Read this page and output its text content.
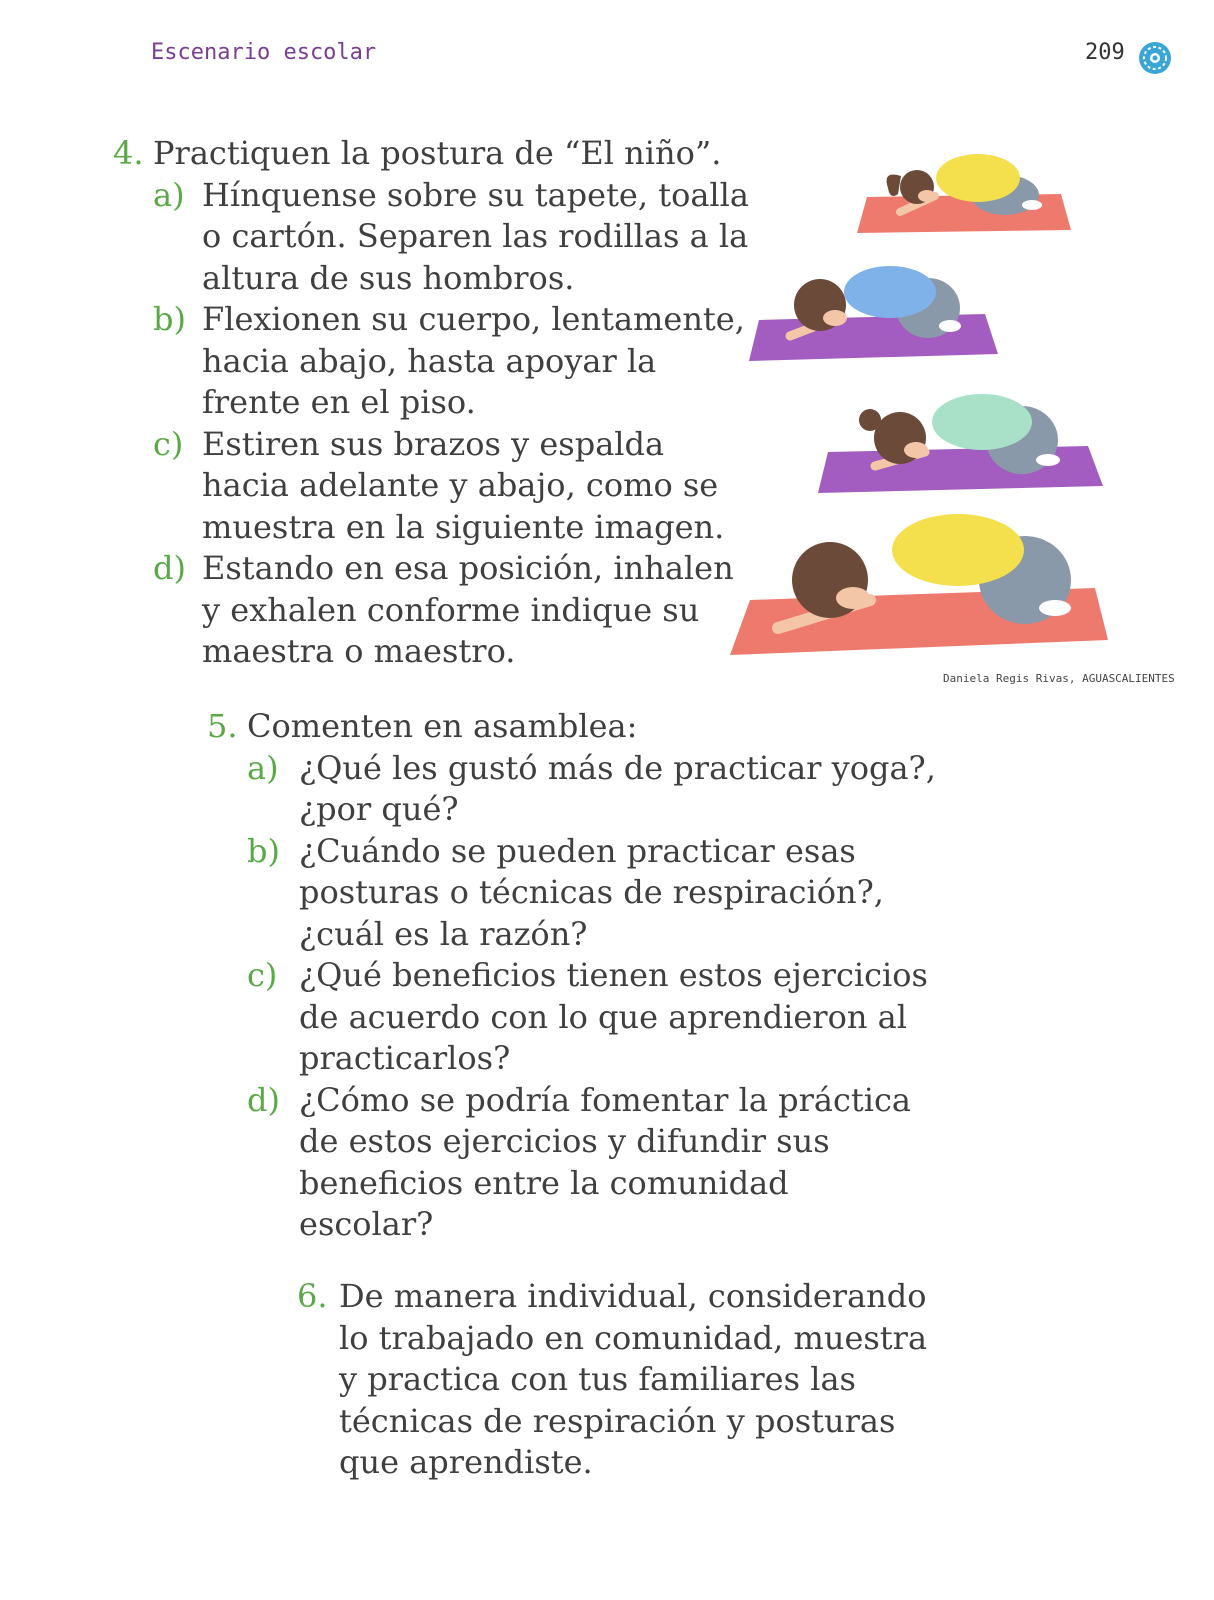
Escenario escolar	209
4. Practiquen la postura de “El niño”.
a) Hínquense sobre su tapete, toalla
o cartón. Separen las rodillas a la
altura de sus hombros.
b) Flexionen su cuerpo, lentamente,
hacia abajo, hasta apoyar la
frente en el piso.
c) Estiren sus brazos y espalda
hacia adelante y abajo, como se
muestra en la siguiente imagen.
d) Estando en esa posición, inhalen
y exhalen conforme indique su
maestra o maestro.
Daniela Regis Rivas, AGUASCALIENTES
5. Comenten en asamblea:
a) ¿Qué les gustó más de practicar yoga?,
¿por qué?
b) ¿Cuándo se pueden practicar esas
posturas o técnicas de respiración?,
¿cuál es la razón?
c) ¿Qué beneficios tienen estos ejercicios
de acuerdo con lo que aprendieron al
practicarlos?
d) ¿Cómo se podría fomentar la práctica
de estos ejercicios y difundir sus
beneficios entre la comunidad
escolar?
6. De manera individual, considerando
lo trabajado en comunidad, muestra
y practica con tus familiares las
técnicas de respiración y posturas
que aprendiste.
